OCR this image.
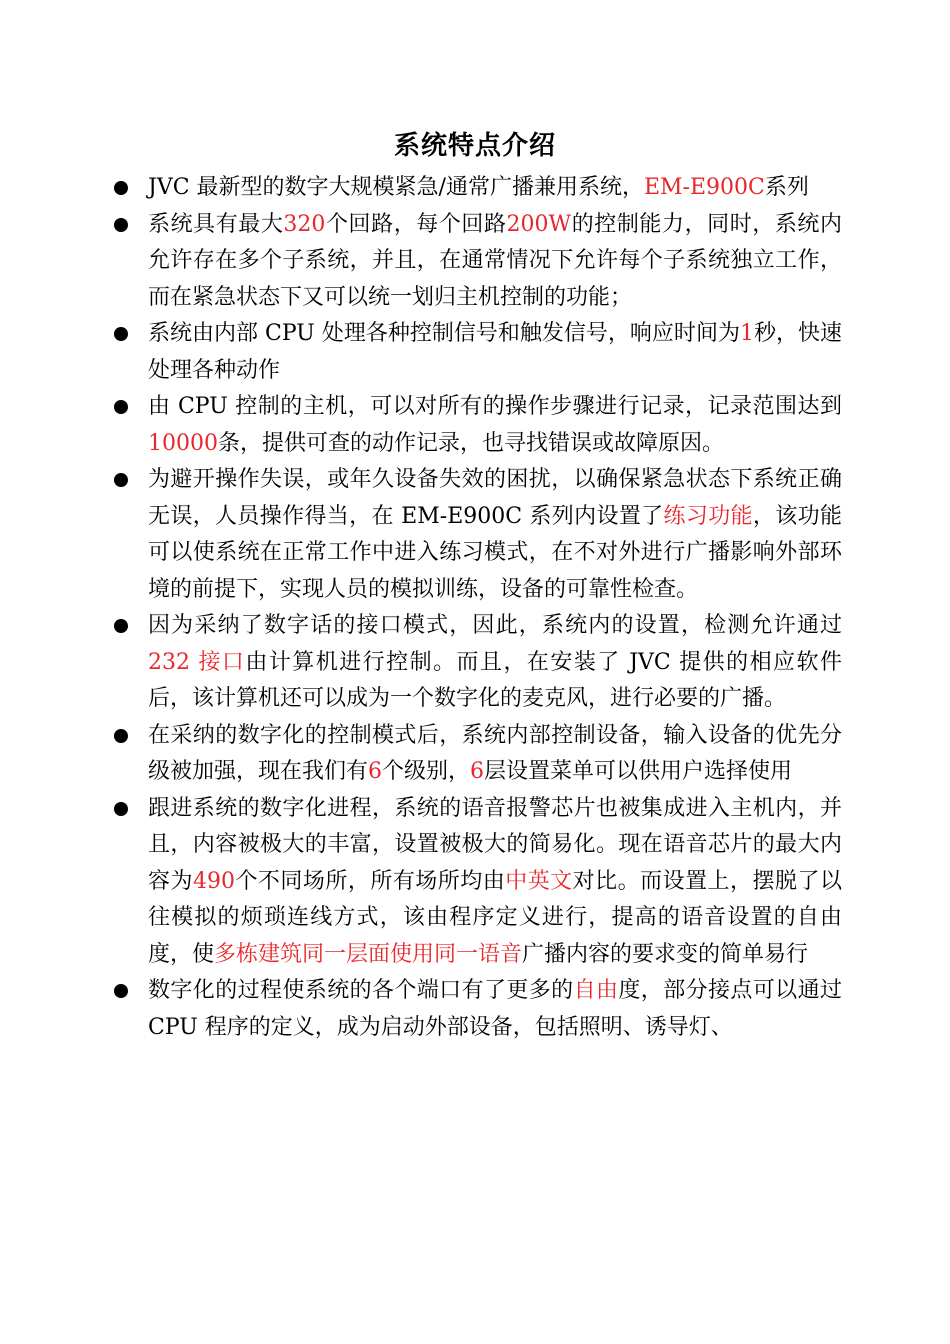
系统特点介绍
JVC 最新型的数字大规模紧急/通常广播兼用系统，EM-E900C系列
系统具有最大320个回路，每个回路200W的控制能力，同时，系统内允许存在多个子系统，并且，在通常情况下允许每个子系统独立工作，而在紧急状态下又可以统一划归主机控制的功能；
系统由内部 CPU 处理各种控制信号和触发信号，响应时间为1秒，快速处理各种动作
由 CPU 控制的主机，可以对所有的操作步骤进行记录，记录范围达到10000条，提供可查的动作记录，也寻找错误或故障原因。
为避开操作失误，或年久设备失效的困扰，以确保紧急状态下系统正确无误，人员操作得当，在 EM-E900C 系列内设置了练习功能，该功能可以使系统在正常工作中进入练习模式，在不对外进行广播影响外部环境的前提下，实现人员的模拟训练，设备的可靠性检查。
因为采纳了数字话的接口模式，因此，系统内的设置，检测允许通过232 接口由计算机进行控制。而且，在安装了 JVC 提供的相应软件后，该计算机还可以成为一个数字化的麦克风，进行必要的广播。
在采纳的数字化的控制模式后，系统内部控制设备，输入设备的优先分级被加强，现在我们有6个级别，6层设置菜单可以供用户选择使用
跟进系统的数字化进程，系统的语音报警芯片也被集成进入主机内，并且，内容被极大的丰富，设置被极大的简易化。现在语音芯片的最大内容为490个不同场所，所有场所均由中英文对比。而设置上，摆脱了以往模拟的烦琐连线方式，该由程序定义进行，提高的语音设置的自由度，使多栋建筑同一层面使用同一语音广播内容的要求变的简单易行
数字化的过程使系统的各个端口有了更多的自由度，部分接点可以通过 CPU 程序的定义，成为启动外部设备，包括照明、诱导灯、
